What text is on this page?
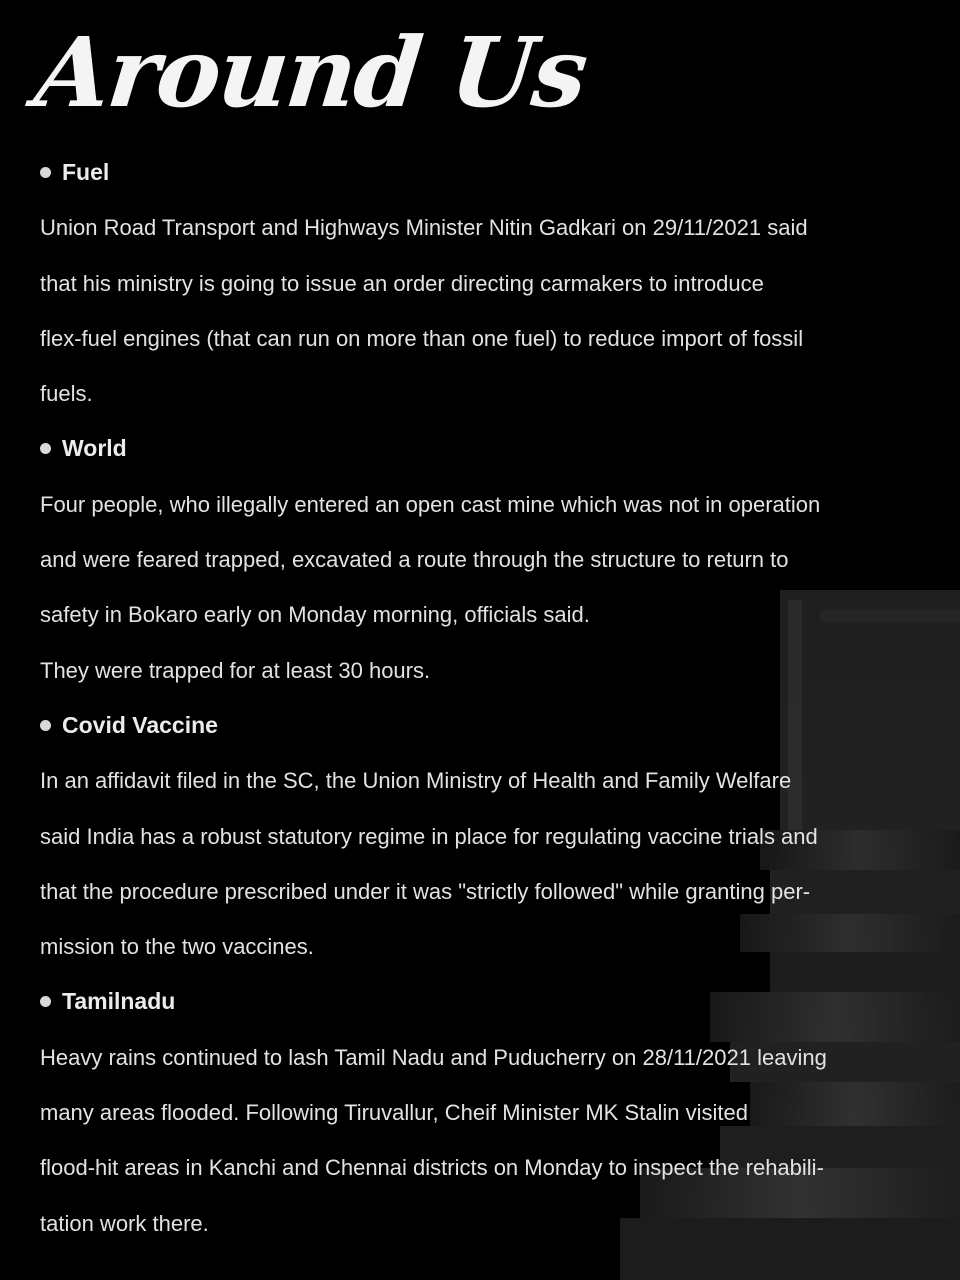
Around Us
Fuel
Union Road Transport and Highways Minister Nitin Gadkari on 29/11/2021 said
that his ministry is going to issue an order directing carmakers to introduce
flex-fuel engines (that can run on more than one fuel) to reduce import of fossil
fuels.
World
Four people, who illegally entered an open cast mine which was not in operation
and were feared trapped, excavated a route through the structure to return to
safety in Bokaro early on Monday morning, officials said.
They were trapped for at least 30 hours.
Covid Vaccine
In an affidavit filed in the SC, the Union Ministry of Health and Family Welfare
said India has a robust statutory regime in place for regulating vaccine trials and
that the procedure prescribed under it was "strictly followed" while granting per-
mission to the two vaccines.
Tamilnadu
Heavy rains continued to lash Tamil Nadu and Puducherry on 28/11/2021 leaving
many areas flooded. Following Tiruvallur, Cheif Minister MK Stalin visited
flood-hit areas in Kanchi and Chennai districts on Monday to inspect the rehabili-
tation work there.
